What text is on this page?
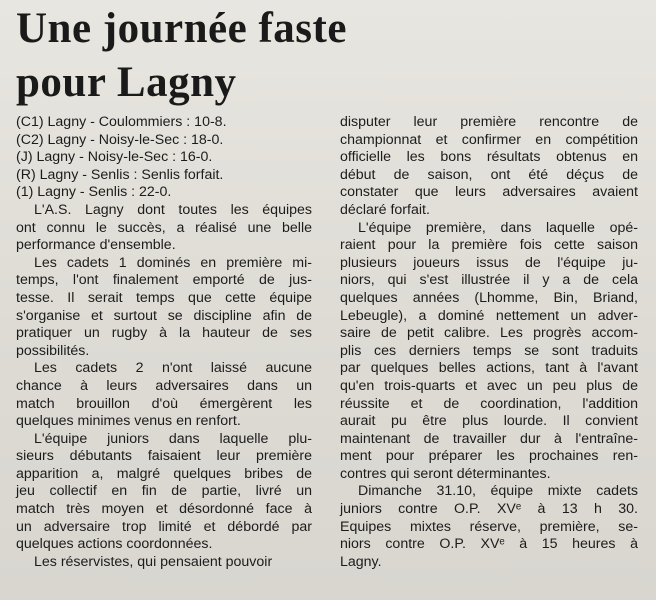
Une journée faste
pour Lagny
(C1) Lagny - Coulommiers : 10-8.
(C2) Lagny - Noisy-le-Sec : 18-0.
(J) Lagny - Noisy-le-Sec : 16-0.
(R) Lagny - Senlis : Senlis forfait.
(1) Lagny - Senlis : 22-0.
L'A.S. Lagny dont toutes les équipes
ont connu le succès, a réalisé une belle
performance d'ensemble.
Les cadets 1 dominés en première mi-
temps, l'ont finalement emporté de jus-
tesse. Il serait temps que cette équipe
s'organise et surtout se discipline afin de
pratiquer un rugby à la hauteur de ses
possibilités.
Les cadets 2 n'ont laissé aucune
chance à leurs adversaires dans un
match brouillon d'où émergèrent les
quelques minimes venus en renfort.
L'équipe juniors dans laquelle plu-
sieurs débutants faisaient leur première
apparition a, malgré quelques bribes de
jeu collectif en fin de partie, livré un
match très moyen et désordonné face à
un adversaire trop limité et débordé par
quelques actions coordonnées.
Les réservistes, qui pensaient pouvoir
disputer leur première rencontre de
championnat et confirmer en compétition
officielle les bons résultats obtenus en
début de saison, ont été déçus de
constater que leurs adversaires avaient
déclaré forfait.
L'équipe première, dans laquelle opé-
raient pour la première fois cette saison
plusieurs joueurs issus de l'équipe ju-
niors, qui s'est illustrée il y a de cela
quelques années (Lhomme, Bin, Briand,
Lebeugle), a dominé nettement un adver-
saire de petit calibre. Les progrès accom-
plis ces derniers temps se sont traduits
par quelques belles actions, tant à l'avant
qu'en trois-quarts et avec un peu plus de
réussite et de coordination, l'addition
aurait pu être plus lourde. Il convient
maintenant de travailler dur à l'entraîne-
ment pour préparer les prochaines ren-
contres qui seront déterminantes.
Dimanche 31.10, équipe mixte cadets
juniors contre O.P. XVᵉ à 13 h 30.
Equipes mixtes réserve, première, se-
niors contre O.P. XVᵉ à 15 heures à
Lagny.
